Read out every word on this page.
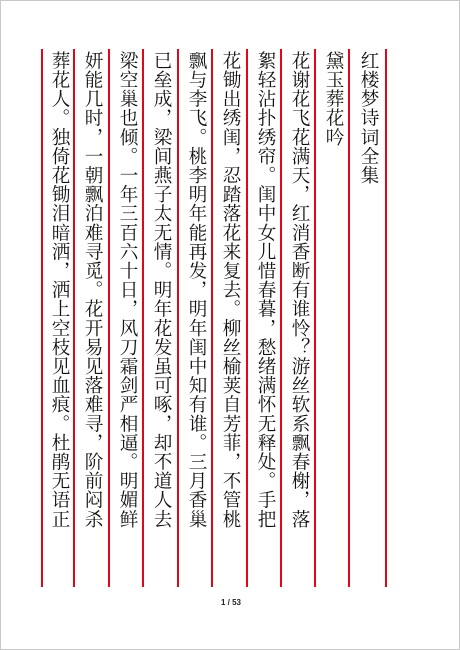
红楼梦诗词全集
黛玉葬花吟
花谢花飞花满天，红消香断有谁怜？游丝软系飘春榭，落
絮轻沾扑绣帘。闺中女儿惜春暮，愁绪满怀无释处。手把
花锄出绣闺，忍踏落花来复去。柳丝榆荚自芳菲，不管桃
飘与李飞。桃李明年能再发，明年闺中知有谁。三月香巢
已垒成，梁间燕子太无情。明年花发虽可啄，却不道人去
梁空巢也倾。一年三百六十日，风刀霜剑严相逼。明媚鲜
妍能几时，一朝飘泊难寻觅。花开易见落难寻，阶前闷杀
葬花人。独倚花锄泪暗洒，洒上空枝见血痕。杜鹃无语正
1 / 53
